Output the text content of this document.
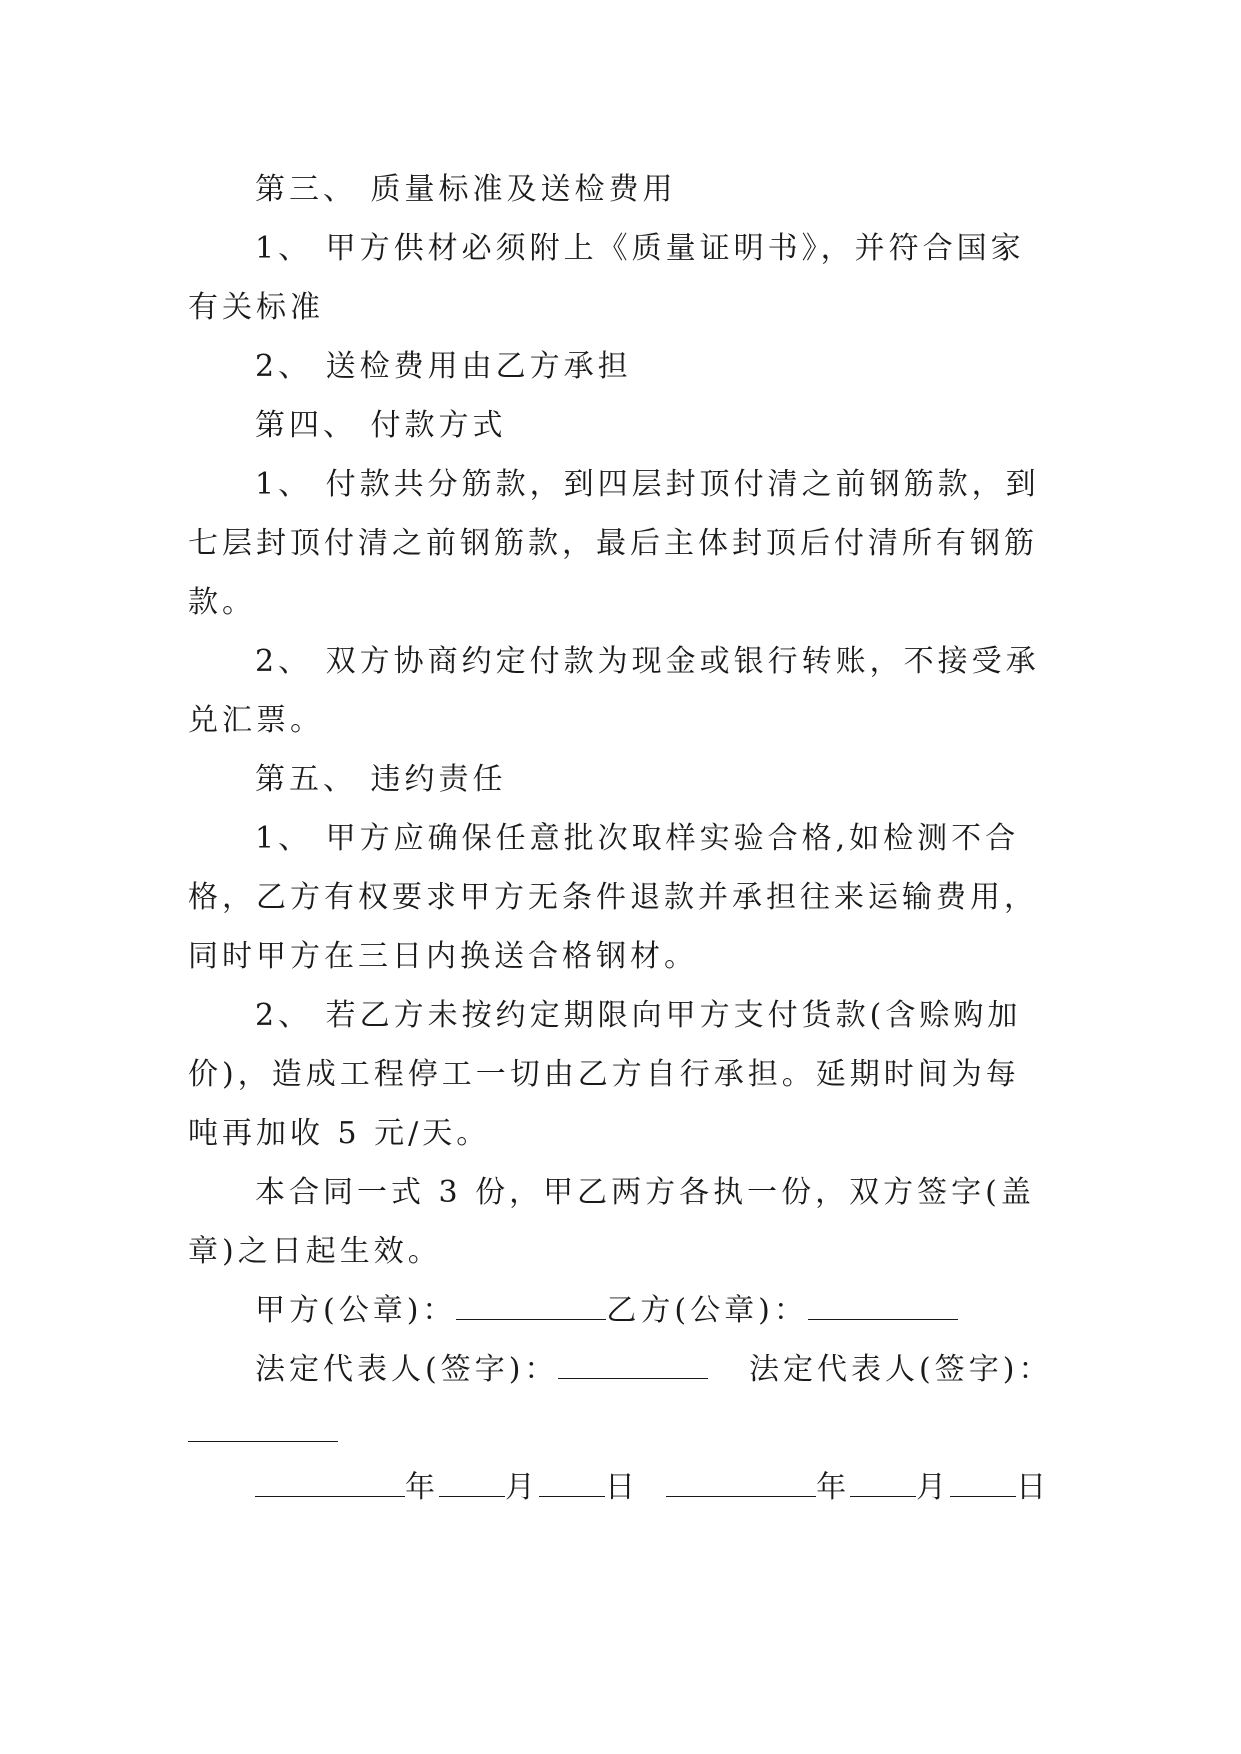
第三、 质量标准及送检费用

1、 甲方供材必须附上《质量证明书》，并符合国家有关标准

2、 送检费用由乙方承担

第四、 付款方式

1、 付款共分筋款，到四层封顶付清之前钢筋款，到七层封顶付清之前钢筋款，最后主体封顶后付清所有钢筋款。

2、 双方协商约定付款为现金或银行转账，不接受承兑汇票。

第五、 违约责任

1、 甲方应确保任意批次取样实验合格,如检测不合格，乙方有权要求甲方无条件退款并承担往来运输费用，同时甲方在三日内换送合格钢材。

2、 若乙方未按约定期限向甲方支付货款(含赊购加价)，造成工程停工一切由乙方自行承担。延期时间为每吨再加收 5 元/天。

本合同一式 3 份，甲乙两方各执一份，双方签字(盖章)之日起生效。

甲方(公章)：	乙方(公章)：
法定代表人(签字)：	法定代表人(签字)：
年 月 日	年 月 日
